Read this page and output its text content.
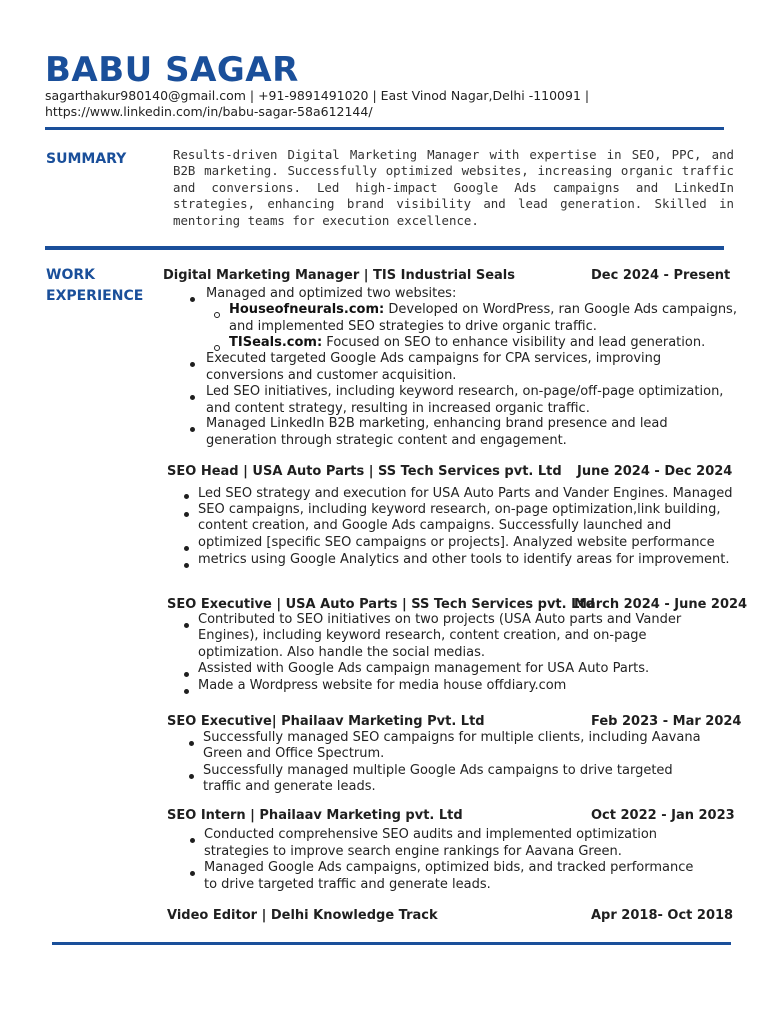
BABU SAGAR
sagarthakur980140@gmail.com | +91-9891491020 | East Vinod Nagar,Delhi -110091 |
https://www.linkedin.com/in/babu-sagar-58a612144/
SUMMARY	Results-driven Digital Marketing Manager with expertise in SEO, PPC, and B2B marketing. Successfully optimized websites, increasing organic traffic and conversions. Led high-impact Google Ads campaigns and LinkedIn strategies, enhancing brand visibility and lead generation. Skilled in mentoring teams for execution excellence.

WORK
EXPERIENCE
Digital Marketing Manager | TIS Industrial Seals	Dec 2024 - Present

Managed and optimized two websites:

Houseofneurals.com: Developed on WordPress, ran Google Ads campaigns,

and implemented SEO strategies to drive organic traffic.

TISeals.com: Focused on SEO to enhance visibility and lead generation.

Executed targeted Google Ads campaigns for CPA services, improving

conversions and customer acquisition.

Led SEO initiatives, including keyword research, on-page/off-page optimization,

and content strategy, resulting in increased organic traffic.

Managed LinkedIn B2B marketing, enhancing brand presence and lead

generation through strategic content and engagement.

SEO Head | USA Auto Parts | SS Tech Services pvt. Ltd June 2024 - Dec 2024

Led SEO strategy and execution for USA Auto Parts and Vander Engines. Managed

SEO campaigns, including keyword research, on-page optimization,link building,

content creation, and Google Ads campaigns. Successfully launched and

optimized [specific SEO campaigns or projects]. Analyzed website performance

metrics using Google Analytics and other tools to identify areas for improvement.

SEO Executive | USA Auto Parts | SS Tech Services pvt. Ltd
March 2024 - June 2024

Contributed to SEO initiatives on two projects (USA Auto parts and Vander

Engines), including keyword research, content creation, and on-page

optimization. Also handle the social medias.

Assisted with Google Ads campaign management for USA Auto Parts.

Made a Wordpress website for media house offdiary.com

SEO Executive| Phailaav Marketing Pvt. Ltd	Feb 2023 - Mar 2024

Successfully managed SEO campaigns for multiple clients, including Aavana

Green and Office Spectrum.

Successfully managed multiple Google Ads campaigns to drive targeted

traffic and generate leads.

SEO Intern | Phailaav Marketing pvt. Ltd	Oct 2022 - Jan 2023

Conducted comprehensive SEO audits and implemented optimization

strategies to improve search engine rankings for Aavana Green.

Managed Google Ads campaigns, optimized bids, and tracked performance

to drive targeted traffic and generate leads.

Video Editor | Delhi Knowledge Track	Apr 2018- Oct 2018
